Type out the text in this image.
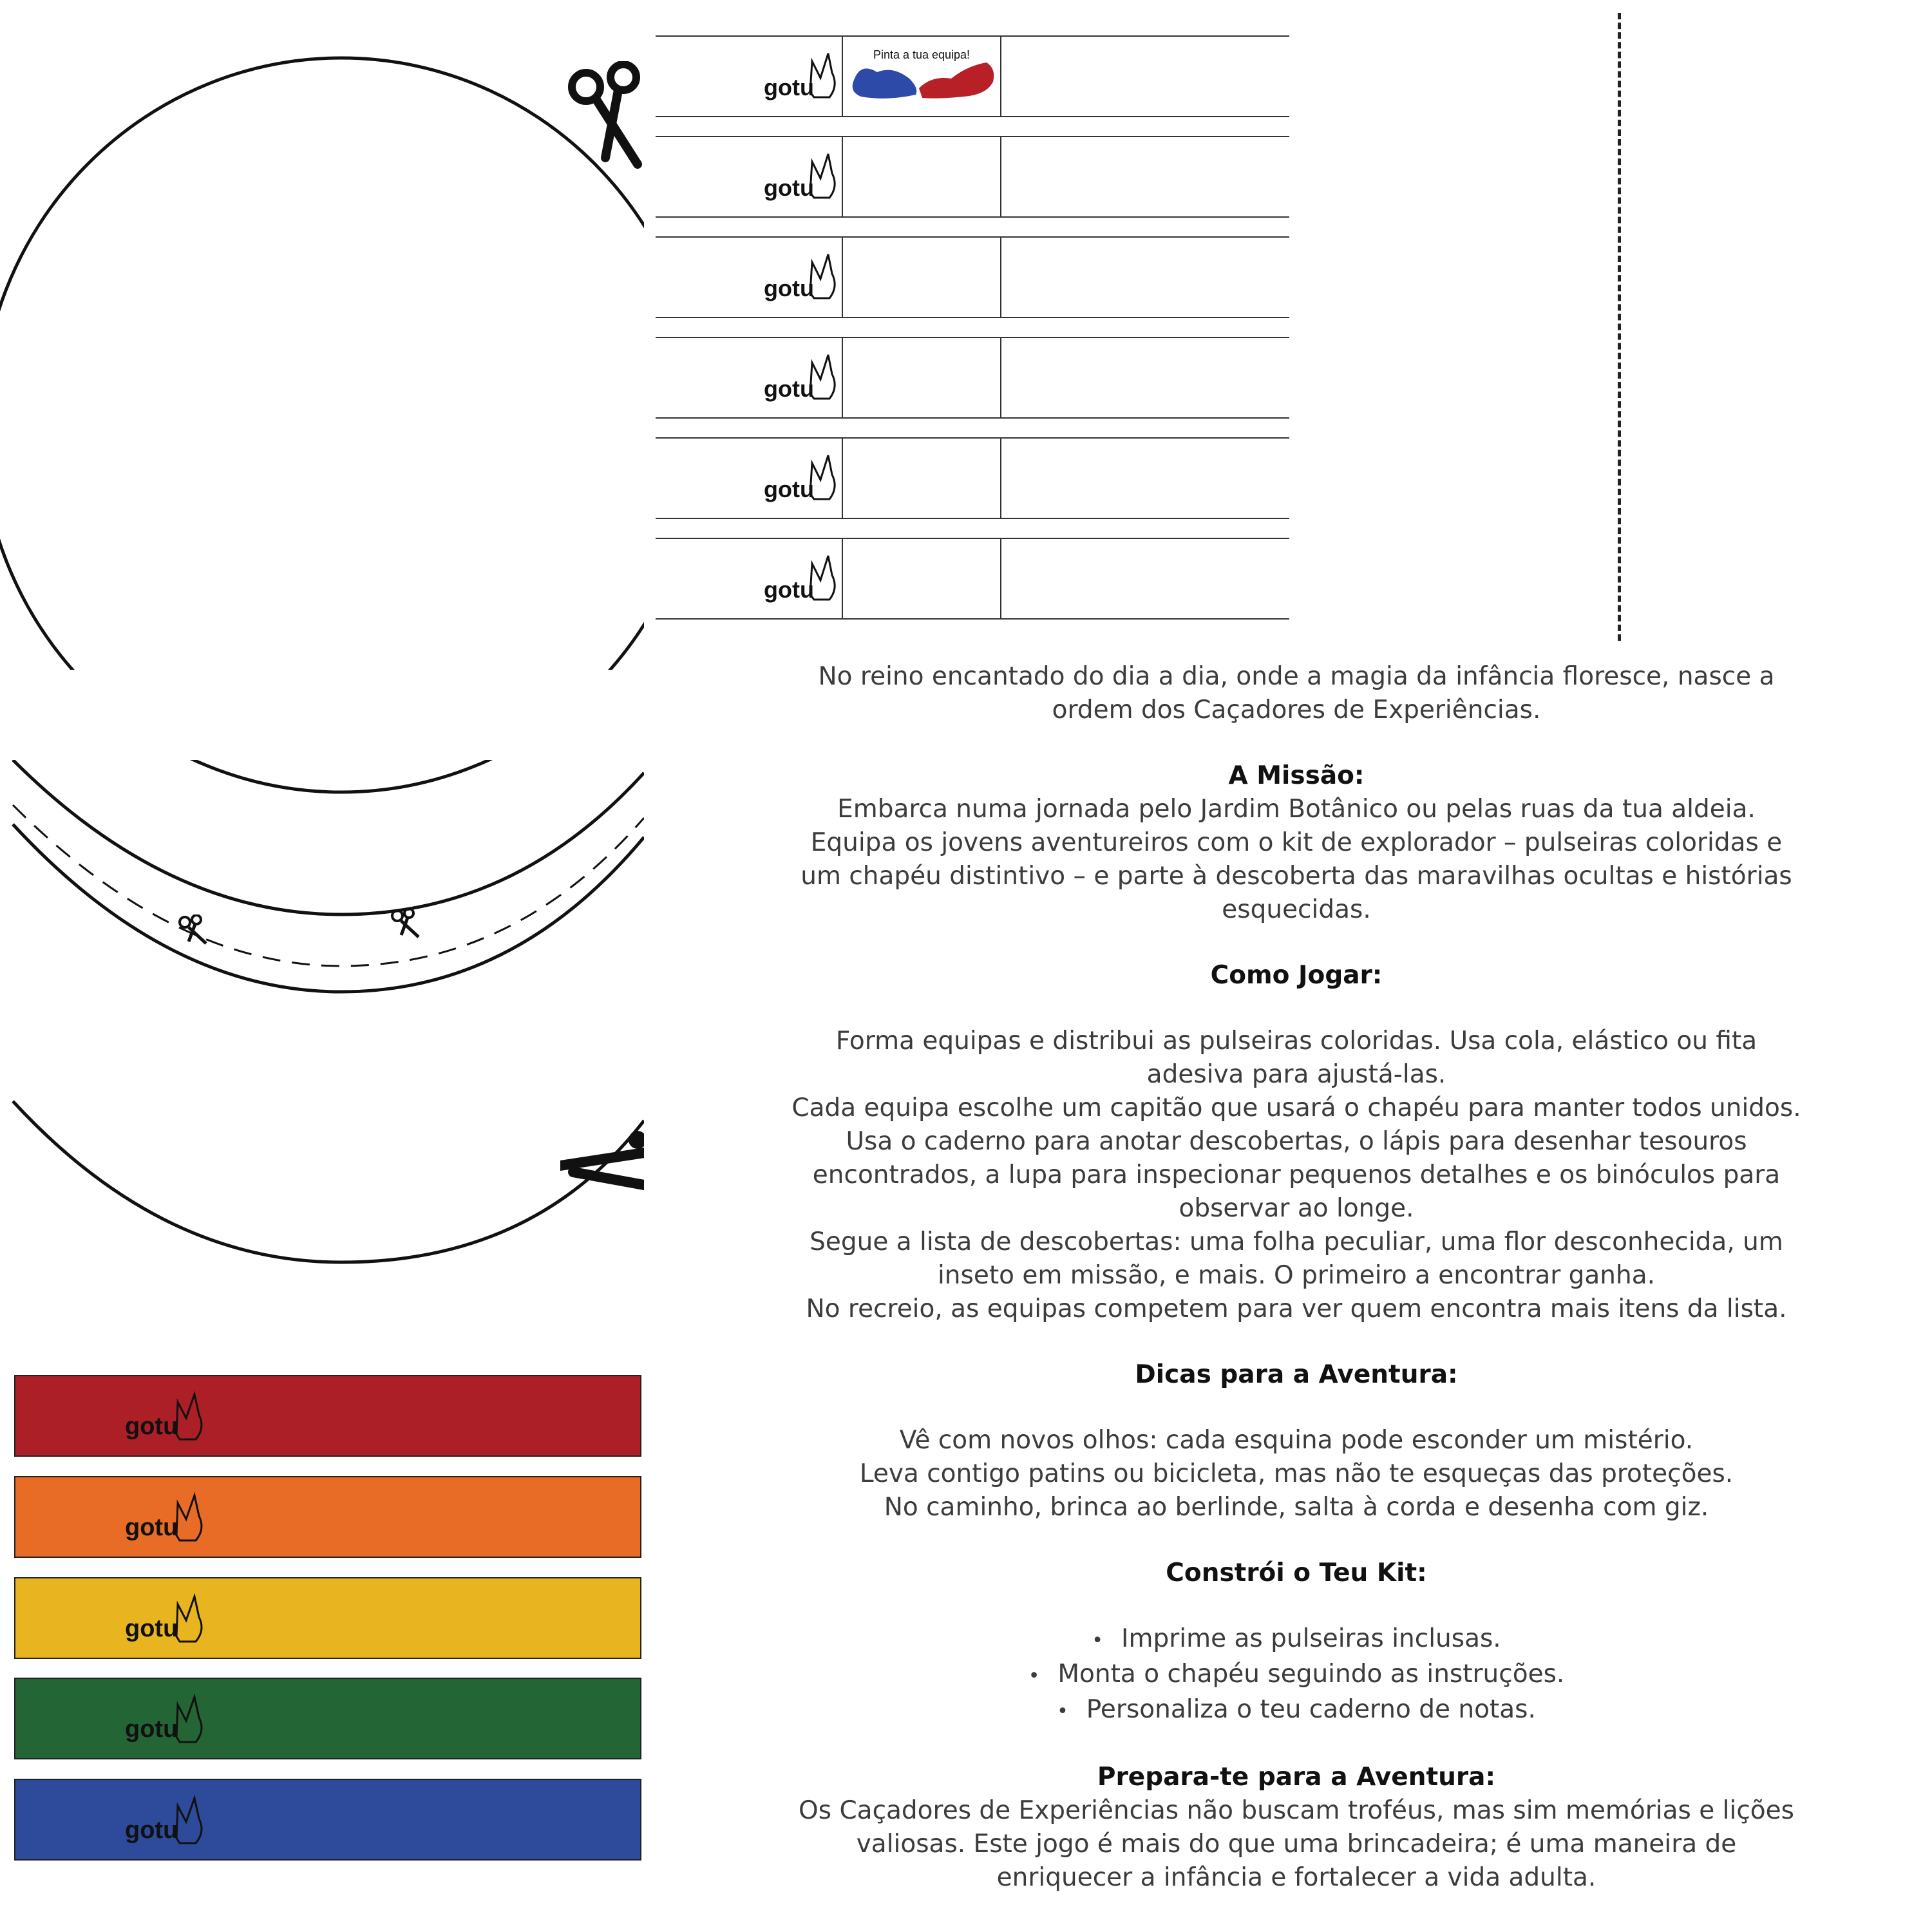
gotu
gotu
gotu
gotu
gotu
gotu
Pinta a tua equipa!
gotu
gotu
gotu
gotu
gotu

No reino encantado do dia a dia, onde a magia da infância floresce, nasce a ordem dos Caçadores de Experiências.

A Missão:

Embarca numa jornada pelo Jardim Botânico ou pelas ruas da tua aldeia. Equipa os jovens aventureiros com o kit de explorador – pulseiras coloridas e um chapéu distintivo – e parte à descoberta das maravilhas ocultas e histórias esquecidas.

Como Jogar:

Forma equipas e distribui as pulseiras coloridas. Usa cola, elástico ou fita adesiva para ajustá-las.

Cada equipa escolhe um capitão que usará o chapéu para manter todos unidos.

Usa o caderno para anotar descobertas, o lápis para desenhar tesouros encontrados, a lupa para inspecionar pequenos detalhes e os binóculos para observar ao longe.

Segue a lista de descobertas: uma folha peculiar, uma flor desconhecida, um inseto em missão, e mais. O primeiro a encontrar ganha.

No recreio, as equipas competem para ver quem encontra mais itens da lista.

Dicas para a Aventura:

Vê com novos olhos: cada esquina pode esconder um mistério.

Leva contigo patins ou bicicleta, mas não te esqueças das proteções.

No caminho, brinca ao berlinde, salta à corda e desenha com giz.

Constrói o Teu Kit:
• Imprime as pulseiras inclusas.
• Monta o chapéu seguindo as instruções.
• Personaliza o teu caderno de notas.
Prepara-te para a Aventura:

Os Caçadores de Experiências não buscam troféus, mas sim memórias e lições valiosas. Este jogo é mais do que uma brincadeira; é uma maneira de enriquecer a infância e fortalecer a vida adulta.
